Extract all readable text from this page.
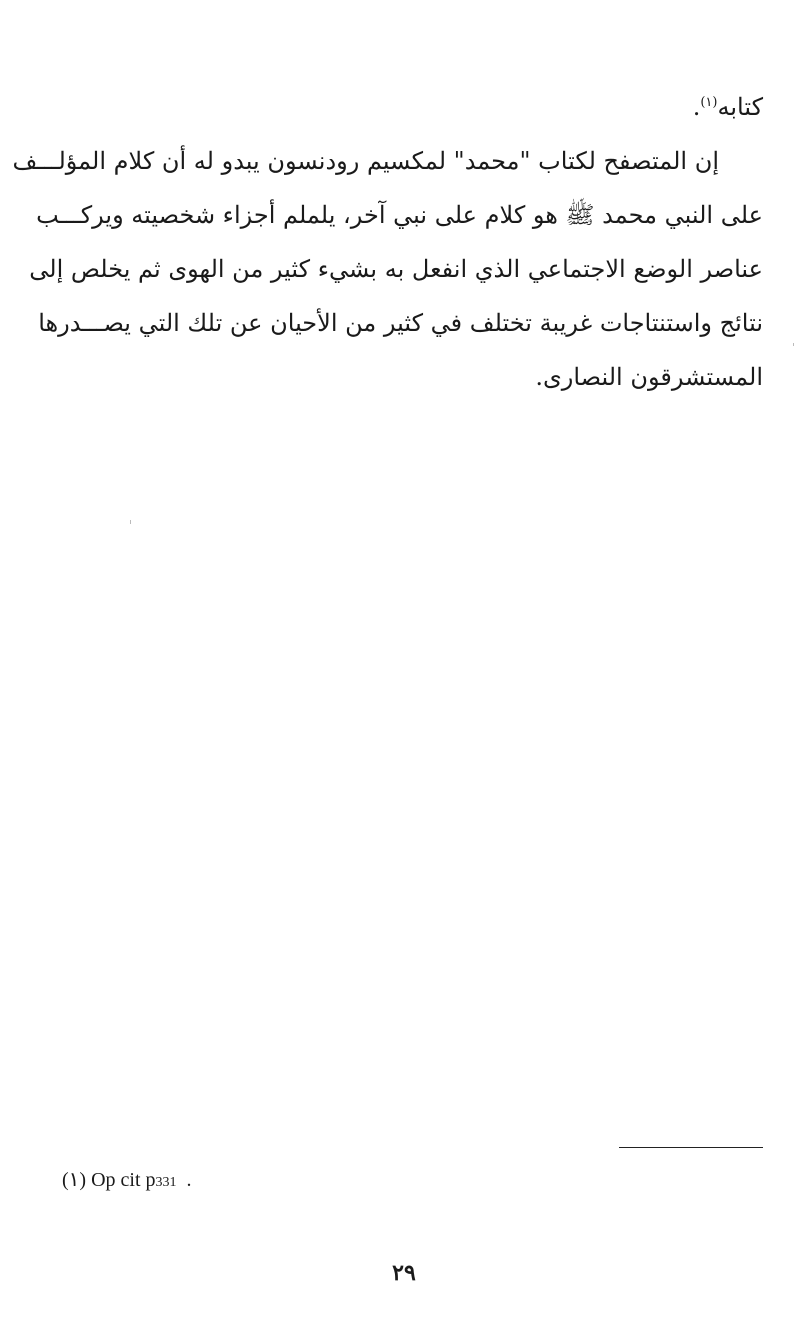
كتابه$^{(١)}$.
إن المتصفح لكتاب "محمد" لمكسيم رودنسون يبدو له أن كلام المؤلـــف
على النبي محمد ﷺ هو كلام على نبي آخر، يلملم أجزاء شخصيته ويركـــب
عناصر الوضع الاجتماعي الذي انفعل به بشيء كثير من الهوى ثم يخلص إلى
نتائج واستنتاجات غريبة تختلف في كثير من الأحيان عن تلك التي يصـــدرها
المستشرقون النصارى.
(١) Op cit p331 .
٢٩
